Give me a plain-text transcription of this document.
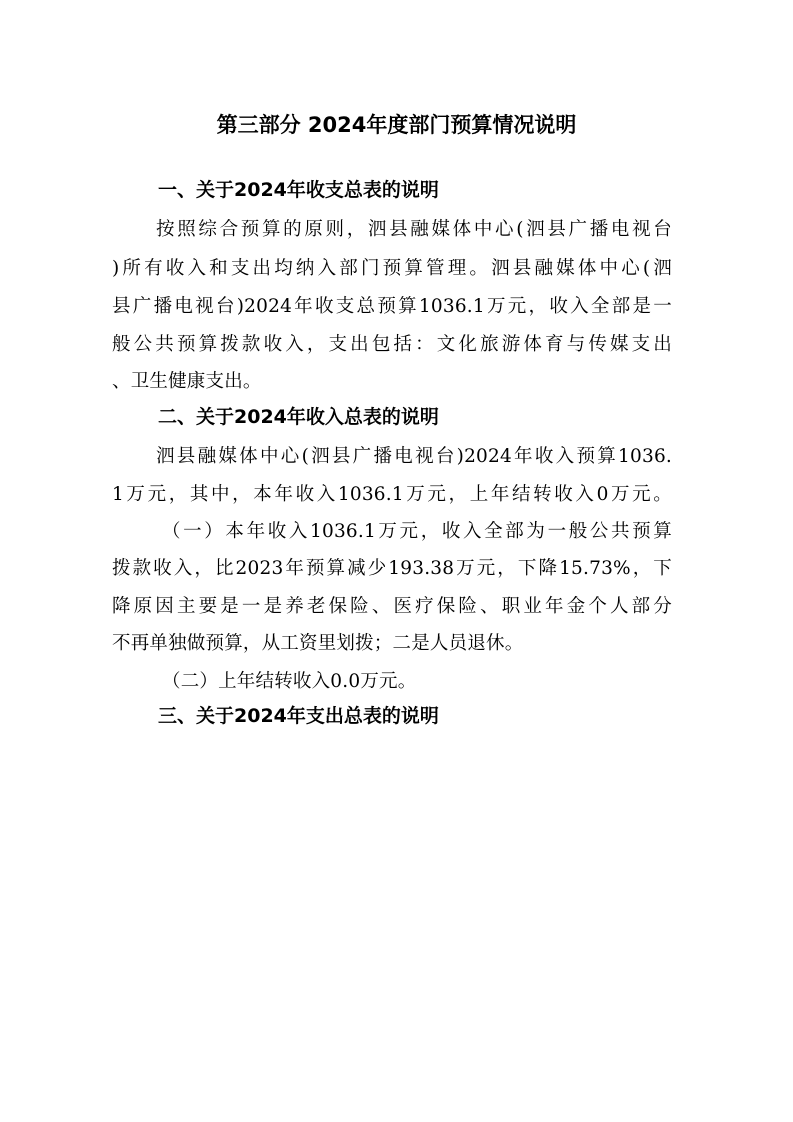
第三部分 2024年度部门预算情况说明
一、关于2024年收支总表的说明
按照综合预算的原则，泗县融媒体中心(泗县广播电视台
)所有收入和支出均纳入部门预算管理。泗县融媒体中心(泗
县广播电视台)2024年收支总预算1036.1万元，收入全部是一
般公共预算拨款收入，支出包括：文化旅游体育与传媒支出
、卫生健康支出。
二、关于2024年收入总表的说明
泗县融媒体中心(泗县广播电视台)2024年收入预算1036.
1万元，其中，本年收入1036.1万元，上年结转收入0万元。
（一）本年收入1036.1万元，收入全部为一般公共预算
拨款收入，比2023年预算减少193.38万元，下降15.73%，下
降原因主要是一是养老保险、医疗保险、职业年金个人部分
不再单独做预算，从工资里划拨；二是人员退休。
（二）上年结转收入0.0万元。
三、关于2024年支出总表的说明
